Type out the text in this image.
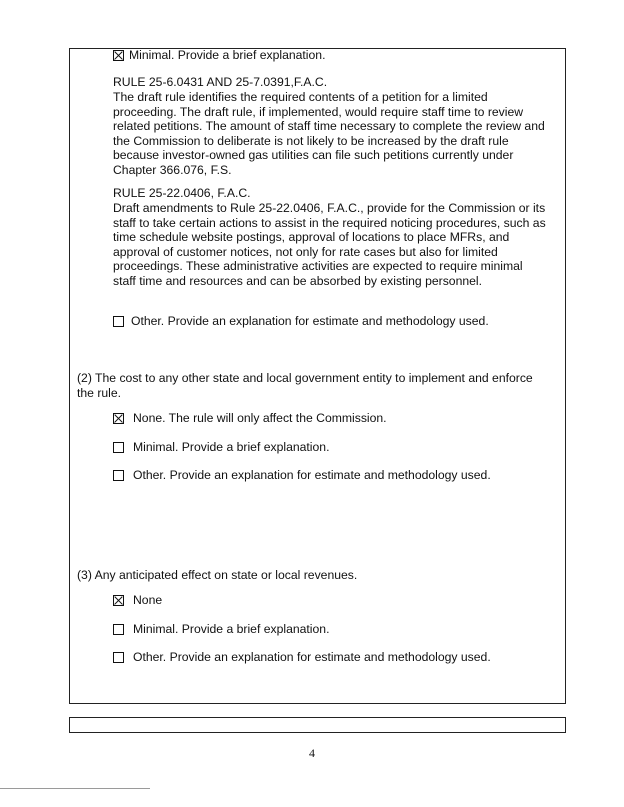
Minimal. Provide a brief explanation.
RULE 25-6.0431 AND 25-7.0391,F.A.C.
The draft rule identifies the required contents of a petition for a limited
proceeding. The draft rule, if implemented, would require staff time to review
related petitions. The amount of staff time necessary to complete the review and
the Commission to deliberate is not likely to be increased by the draft rule
because investor-owned gas utilities can file such petitions currently under
Chapter 366.076, F.S.
RULE 25-22.0406, F.A.C.
Draft amendments to Rule 25-22.0406, F.A.C., provide for the Commission or its
staff to take certain actions to assist in the required noticing procedures, such as
time schedule website postings, approval of locations to place MFRs, and
approval of customer notices, not only for rate cases but also for limited
proceedings. These administrative activities are expected to require minimal
staff time and resources and can be absorbed by existing personnel.
Other. Provide an explanation for estimate and methodology used.
(2) The cost to any other state and local government entity to implement and enforce
the rule.
None. The rule will only affect the Commission.
Minimal. Provide a brief explanation.
Other. Provide an explanation for estimate and methodology used.
(3) Any anticipated effect on state or local revenues.
None
Minimal. Provide a brief explanation.
Other. Provide an explanation for estimate and methodology used.
4
